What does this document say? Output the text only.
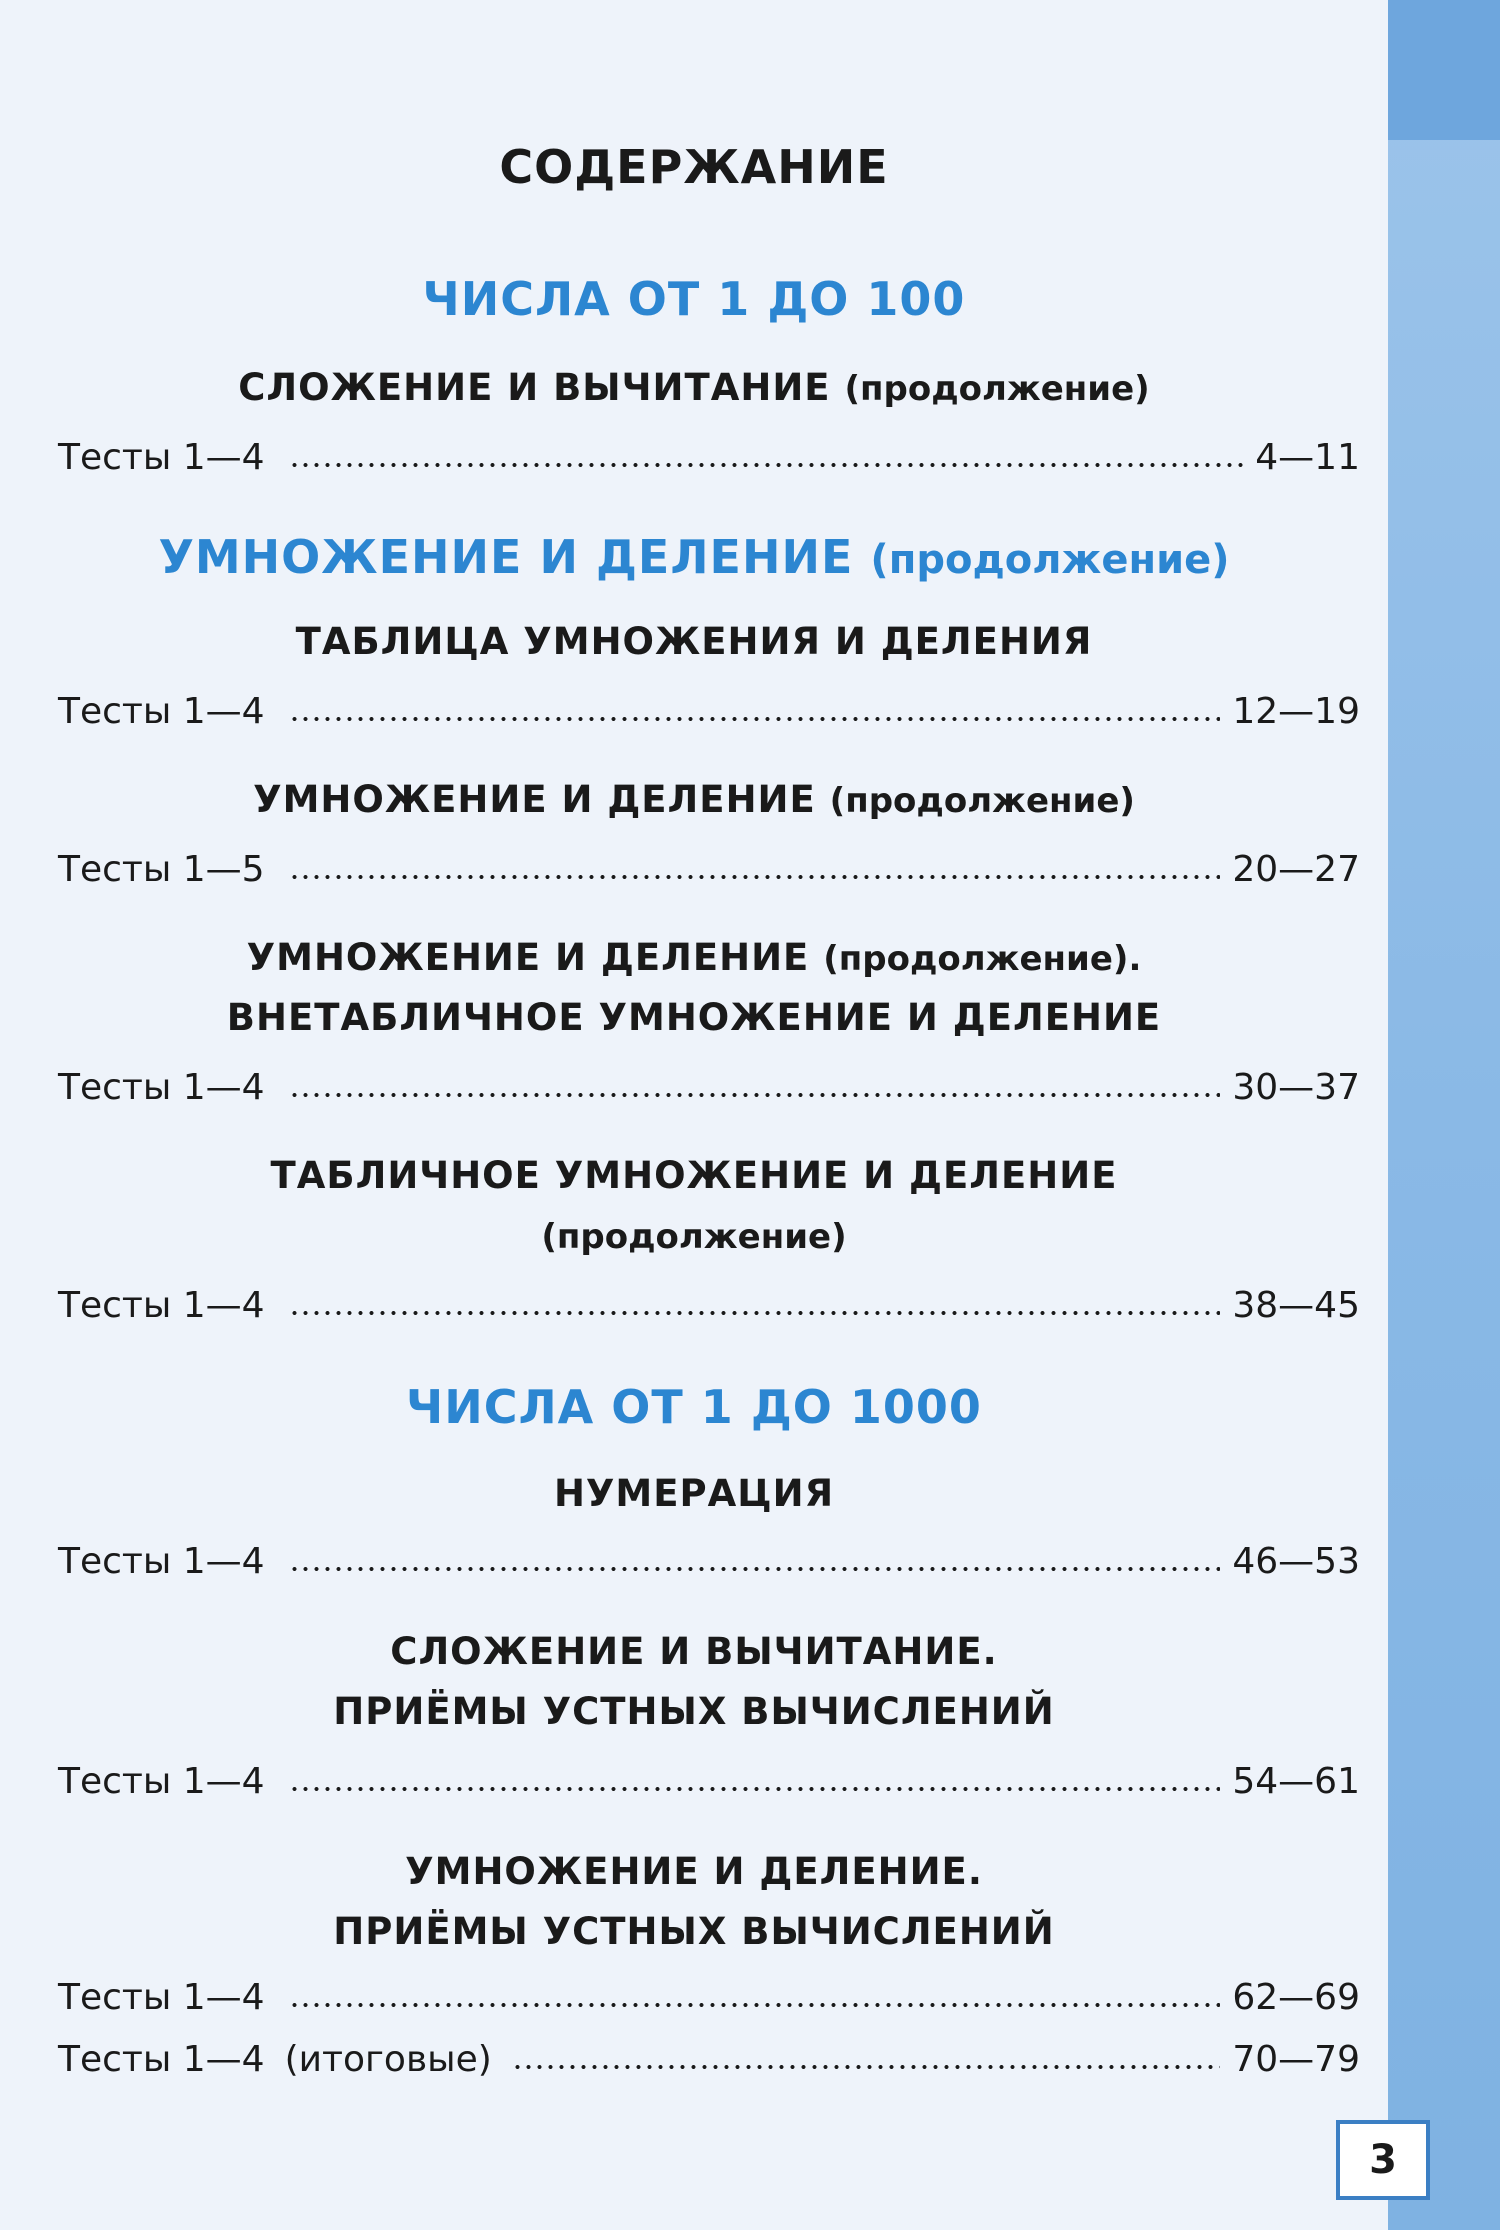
СОДЕРЖАНИЕ
ЧИСЛА ОТ 1 ДО 100
СЛОЖЕНИЕ И ВЫЧИТАНИЕ (продолжение)
Тесты 1—4	4—11
УМНОЖЕНИЕ И ДЕЛЕНИЕ (продолжение)
ТАБЛИЦА УМНОЖЕНИЯ И ДЕЛЕНИЯ
Тесты 1—4	12—19
УМНОЖЕНИЕ И ДЕЛЕНИЕ (продолжение)
Тесты 1—5	20—27
УМНОЖЕНИЕ И ДЕЛЕНИЕ (продолжение).
ВНЕТАБЛИЧНОЕ УМНОЖЕНИЕ И ДЕЛЕНИЕ
Тесты 1—4	30—37
ТАБЛИЧНОЕ УМНОЖЕНИЕ И ДЕЛЕНИЕ
(продолжение)
Тесты 1—4	38—45
ЧИСЛА ОТ 1 ДО 1000
НУМЕРАЦИЯ
Тесты 1—4	46—53
СЛОЖЕНИЕ И ВЫЧИТАНИЕ.
ПРИЁМЫ УСТНЫХ ВЫЧИСЛЕНИЙ
Тесты 1—4	54—61
УМНОЖЕНИЕ И ДЕЛЕНИЕ.
ПРИЁМЫ УСТНЫХ ВЫЧИСЛЕНИЙ
Тесты 1—4	62—69
Тесты 1—4 (итоговые)	70—79
3
